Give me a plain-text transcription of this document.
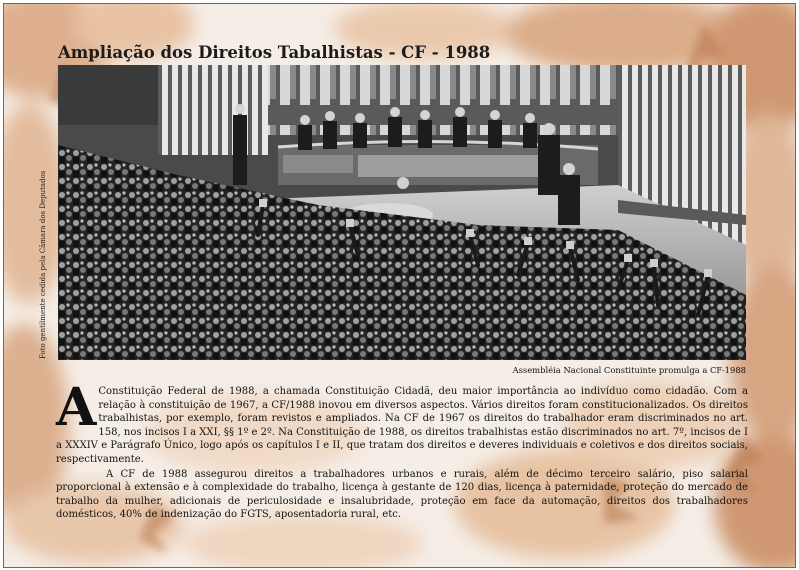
Ampliação dos Direitos Tabalhistas - CF - 1988
Foto gentilmente cedida pela Câmara dos Deputados
Assembléia Nacional Constituinte promulga a CF-1988
A Constituição Federal de 1988, a chamada Constituição Cidadã, deu maior importância ao indivíduo como cidadão. Com a relação à constituição de 1967, a CF/1988 inovou em diversos aspectos. Vários direitos foram constitucionalizados. Os direitos trabalhistas, por exemplo, foram revistos e ampliados. Na CF de 1967 os direitos do trabalhador eram discriminados no art. 158, nos incisos I a XXI, §§ 1º e 2º. Na Constituição de 1988, os direitos trabalhistas estão discriminados no art. 7º, incisos de I a XXXIV e Parágrafo Único, logo após os capítulos I e II, que tratam dos direitos e deveres individuais e coletivos e dos direitos sociais, respectivamente.

A CF de 1988 assegurou direitos a trabalhadores urbanos e rurais, além de décimo terceiro salário, piso salarial proporcional à extensão e à complexidade do trabalho, licença à gestante de 120 dias, licença à paternidade, proteção do mercado de trabalho da mulher, adicionais de periculosidade e insalubridade, proteção em face da automação, direitos dos trabalhadores domésticos, 40% de indenização do FGTS, aposentadoria rural, etc.
